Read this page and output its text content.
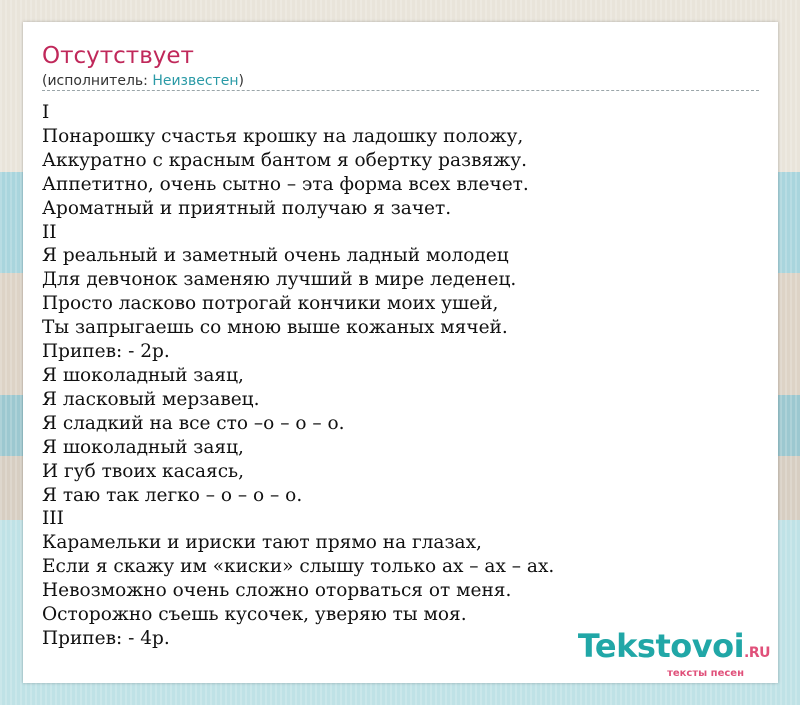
Отсутствует
(исполнитель: Неизвестен)
I
Понарошку счастья крошку на ладошку положу,
Аккуратно с красным бантом я обертку развяжу.
Аппетитно, очень сытно – эта форма всех влечет.
Ароматный и приятный получаю я зачет.
II
Я реальный и заметный очень ладный молодец
Для девчонок заменяю лучший в мире леденец.
Просто ласково потрогай кончики моих ушей,
Ты запрыгаешь со мною выше кожаных мячей.
Припев: - 2р.
Я шоколадный заяц,
Я ласковый мерзавец.
Я сладкий на все сто –о – о – о.
Я шоколадный заяц,
И губ твоих касаясь,
Я таю так легко – о – о – о.
III
Карамельки и ириски тают прямо на глазах,
Если я скажу им «киски» слышу только ах – ах – ах.
Невозможно очень сложно оторваться от меня.
Осторожно съешь кусочек, уверяю ты моя.
Припев: - 4р.	Tekstovoi.RU
тексты песен
